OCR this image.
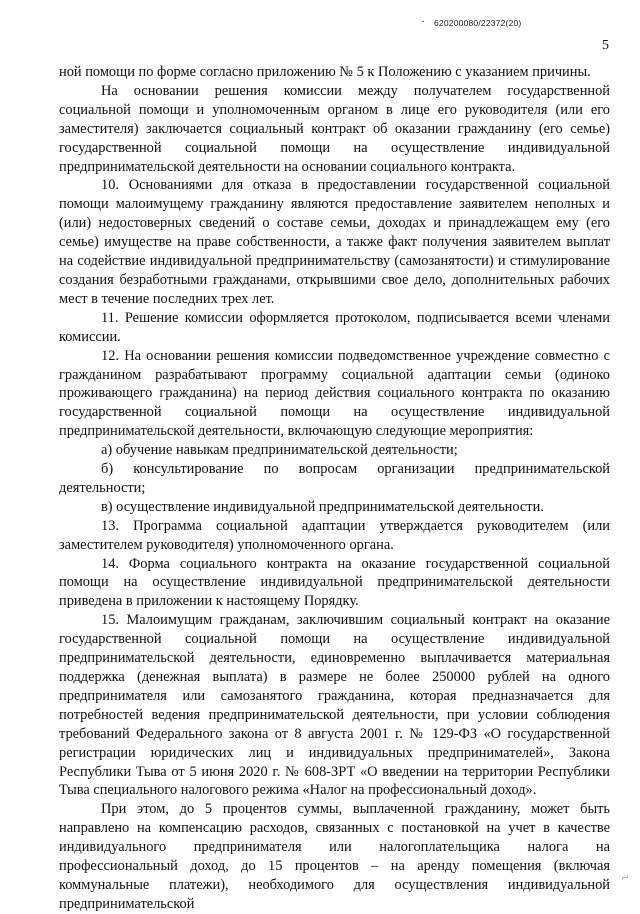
. 620200080/22372(20)
5

ной помощи по форме согласно приложению № 5 к Положению с указанием причины.

На основании решения комиссии между получателем государственной социальной помощи и уполномоченным органом в лице его руководителя (или его заместителя) заключается социальный контракт об оказании гражданину (его семье) государственной социальной помощи на осуществление индивидуальной предпринимательской деятельности на основании социального контракта.

10. Основаниями для отказа в предоставлении государственной социальной помощи малоимущему гражданину являются предоставление заявителем неполных и (или) недостоверных сведений о составе семьи, доходах и принадлежащем ему (его семье) имуществе на праве собственности, а также факт получения заявителем выплат на содействие индивидуальной предпринимательству (самозанятости) и стимулирование создания безработными гражданами, открывшими свое дело, дополнительных рабочих мест в течение последних трех лет.

11. Решение комиссии оформляется протоколом, подписывается всеми членами комиссии.

12. На основании решения комиссии подведомственное учреждение совместно с гражданином разрабатывают программу социальной адаптации семьи (одиноко проживающего гражданина) на период действия социального контракта по оказанию государственной социальной помощи на осуществление индивидуальной предпринимательской деятельности, включающую следующие мероприятия:

а) обучение навыкам предпринимательской деятельности;

б) консультирование по вопросам организации предпринимательской деятельности;

в) осуществление индивидуальной предпринимательской деятельности.

13. Программа социальной адаптации утверждается руководителем (или заместителем руководителя) уполномоченного органа.

14. Форма социального контракта на оказание государственной социальной помощи на осуществление индивидуальной предпринимательской деятельности приведена в приложении к настоящему Порядку.

15. Малоимущим гражданам, заключившим социальный контракт на оказание государственной социальной помощи на осуществление индивидуальной предпринимательской деятельности, единовременно выплачивается материальная поддержка (денежная выплата) в размере не более 250000 рублей на одного предпринимателя или самозанятого гражданина, которая предназначается для потребностей ведения предпринимательской деятельности, при условии соблюдения требований Федерального закона от 8 августа 2001 г. № 129-ФЗ «О государственной регистрации юридических лиц и индивидуальных предпринимателей», Закона Республики Тыва от 5 июня 2020 г. № 608-ЗРТ «О введении на территории Республики Тыва специального налогового режима «Налог на профессиональный доход».

При этом, до 5 процентов суммы, выплаченной гражданину, может быть направлено на компенсацию расходов, связанных с постановкой на учет в качестве индивидуального предпринимателя или налогоплательщика налога на профессиональный доход, до 15 процентов – на аренду помещения (включая коммунальные платежи), необходимого для осуществления индивидуальной предпринимательской

~
